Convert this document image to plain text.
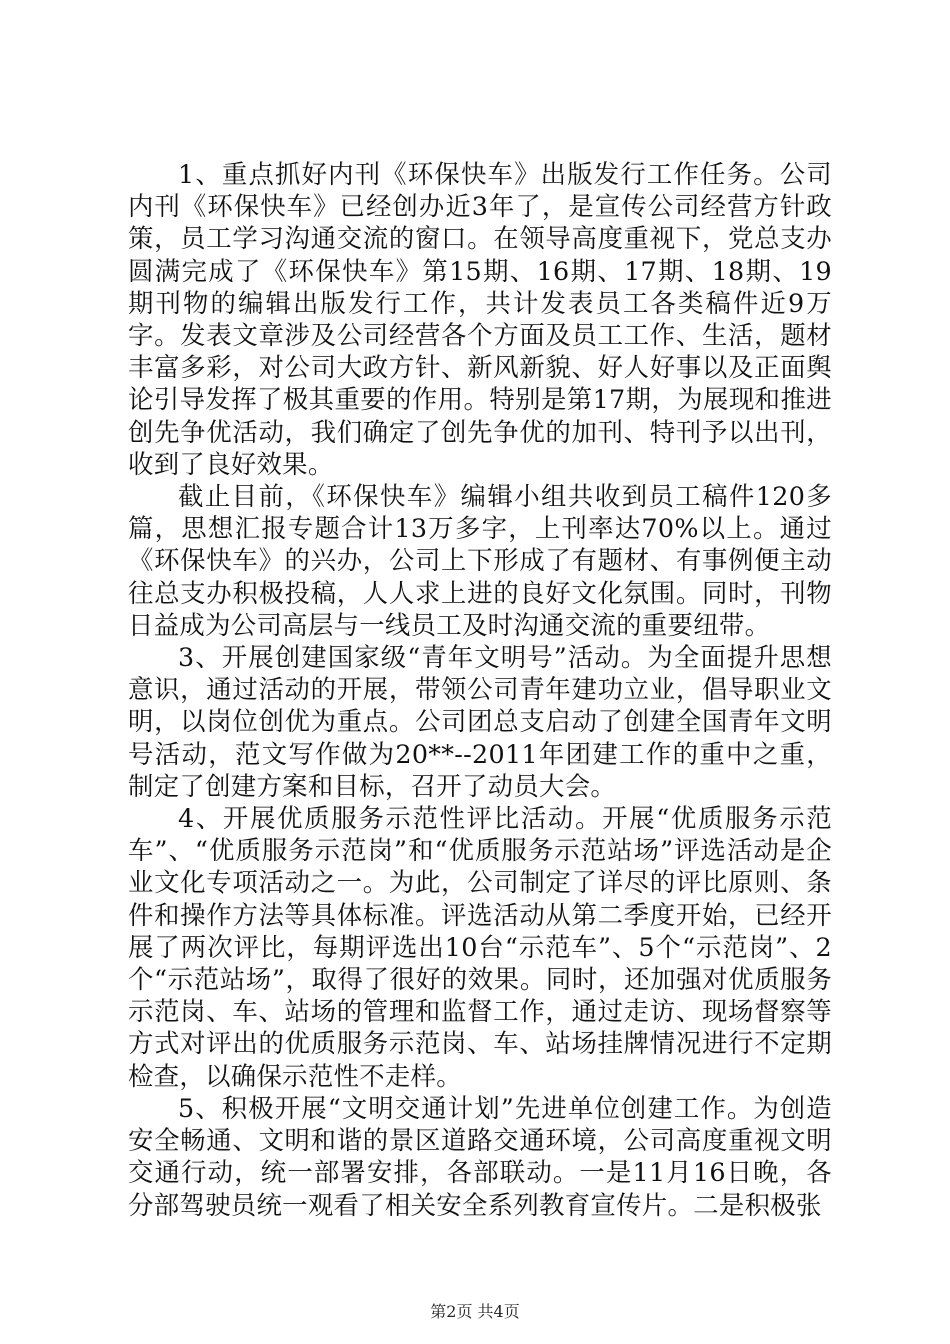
1、重点抓好内刊《环保快车》出版发行工作任务。公司内刊《环保快车》已经创办近3年了，是宣传公司经营方针政策，员工学习沟通交流的窗口。在领导高度重视下，党总支办圆满完成了《环保快车》第15期、16期、17期、18期、19期刊物的编辑出版发行工作，共计发表员工各类稿件近9万字。发表文章涉及公司经营各个方面及员工工作、生活，题材丰富多彩，对公司大政方针、新风新貌、好人好事以及正面舆论引导发挥了极其重要的作用。特别是第17期，为展现和推进创先争优活动，我们确定了创先争优的加刊、特刊予以出刊，收到了良好效果。

截止目前，《环保快车》编辑小组共收到员工稿件120多篇，思想汇报专题合计13万多字，上刊率达70%以上。通过《环保快车》的兴办，公司上下形成了有题材、有事例便主动往总支办积极投稿，人人求上进的良好文化氛围。同时，刊物日益成为公司高层与一线员工及时沟通交流的重要纽带。

3、开展创建国家级“青年文明号”活动。为全面提升思想意识，通过活动的开展，带领公司青年建功立业，倡导职业文明，以岗位创优为重点。公司团总支启动了创建全国青年文明号活动，范文写作做为20**--2011年团建工作的重中之重，制定了创建方案和目标，召开了动员大会。

4、开展优质服务示范性评比活动。开展“优质服务示范车”、“优质服务示范岗”和“优质服务示范站场”评选活动是企业文化专项活动之一。为此，公司制定了详尽的评比原则、条件和操作方法等具体标准。评选活动从第二季度开始，已经开展了两次评比，每期评选出10台“示范车”、5个“示范岗”、2个“示范站场”，取得了很好的效果。同时，还加强对优质服务示范岗、车、站场的管理和监督工作，通过走访、现场督察等方式对评出的优质服务示范岗、车、站场挂牌情况进行不定期检查，以确保示范性不走样。

5、积极开展“文明交通计划”先进单位创建工作。为创造安全畅通、文明和谐的景区道路交通环境，公司高度重视文明交通行动，统一部署安排，各部联动。一是11月16日晚，各分部驾驶员统一观看了相关安全系列教育宣传片。二是积极张

第2页 共4页
